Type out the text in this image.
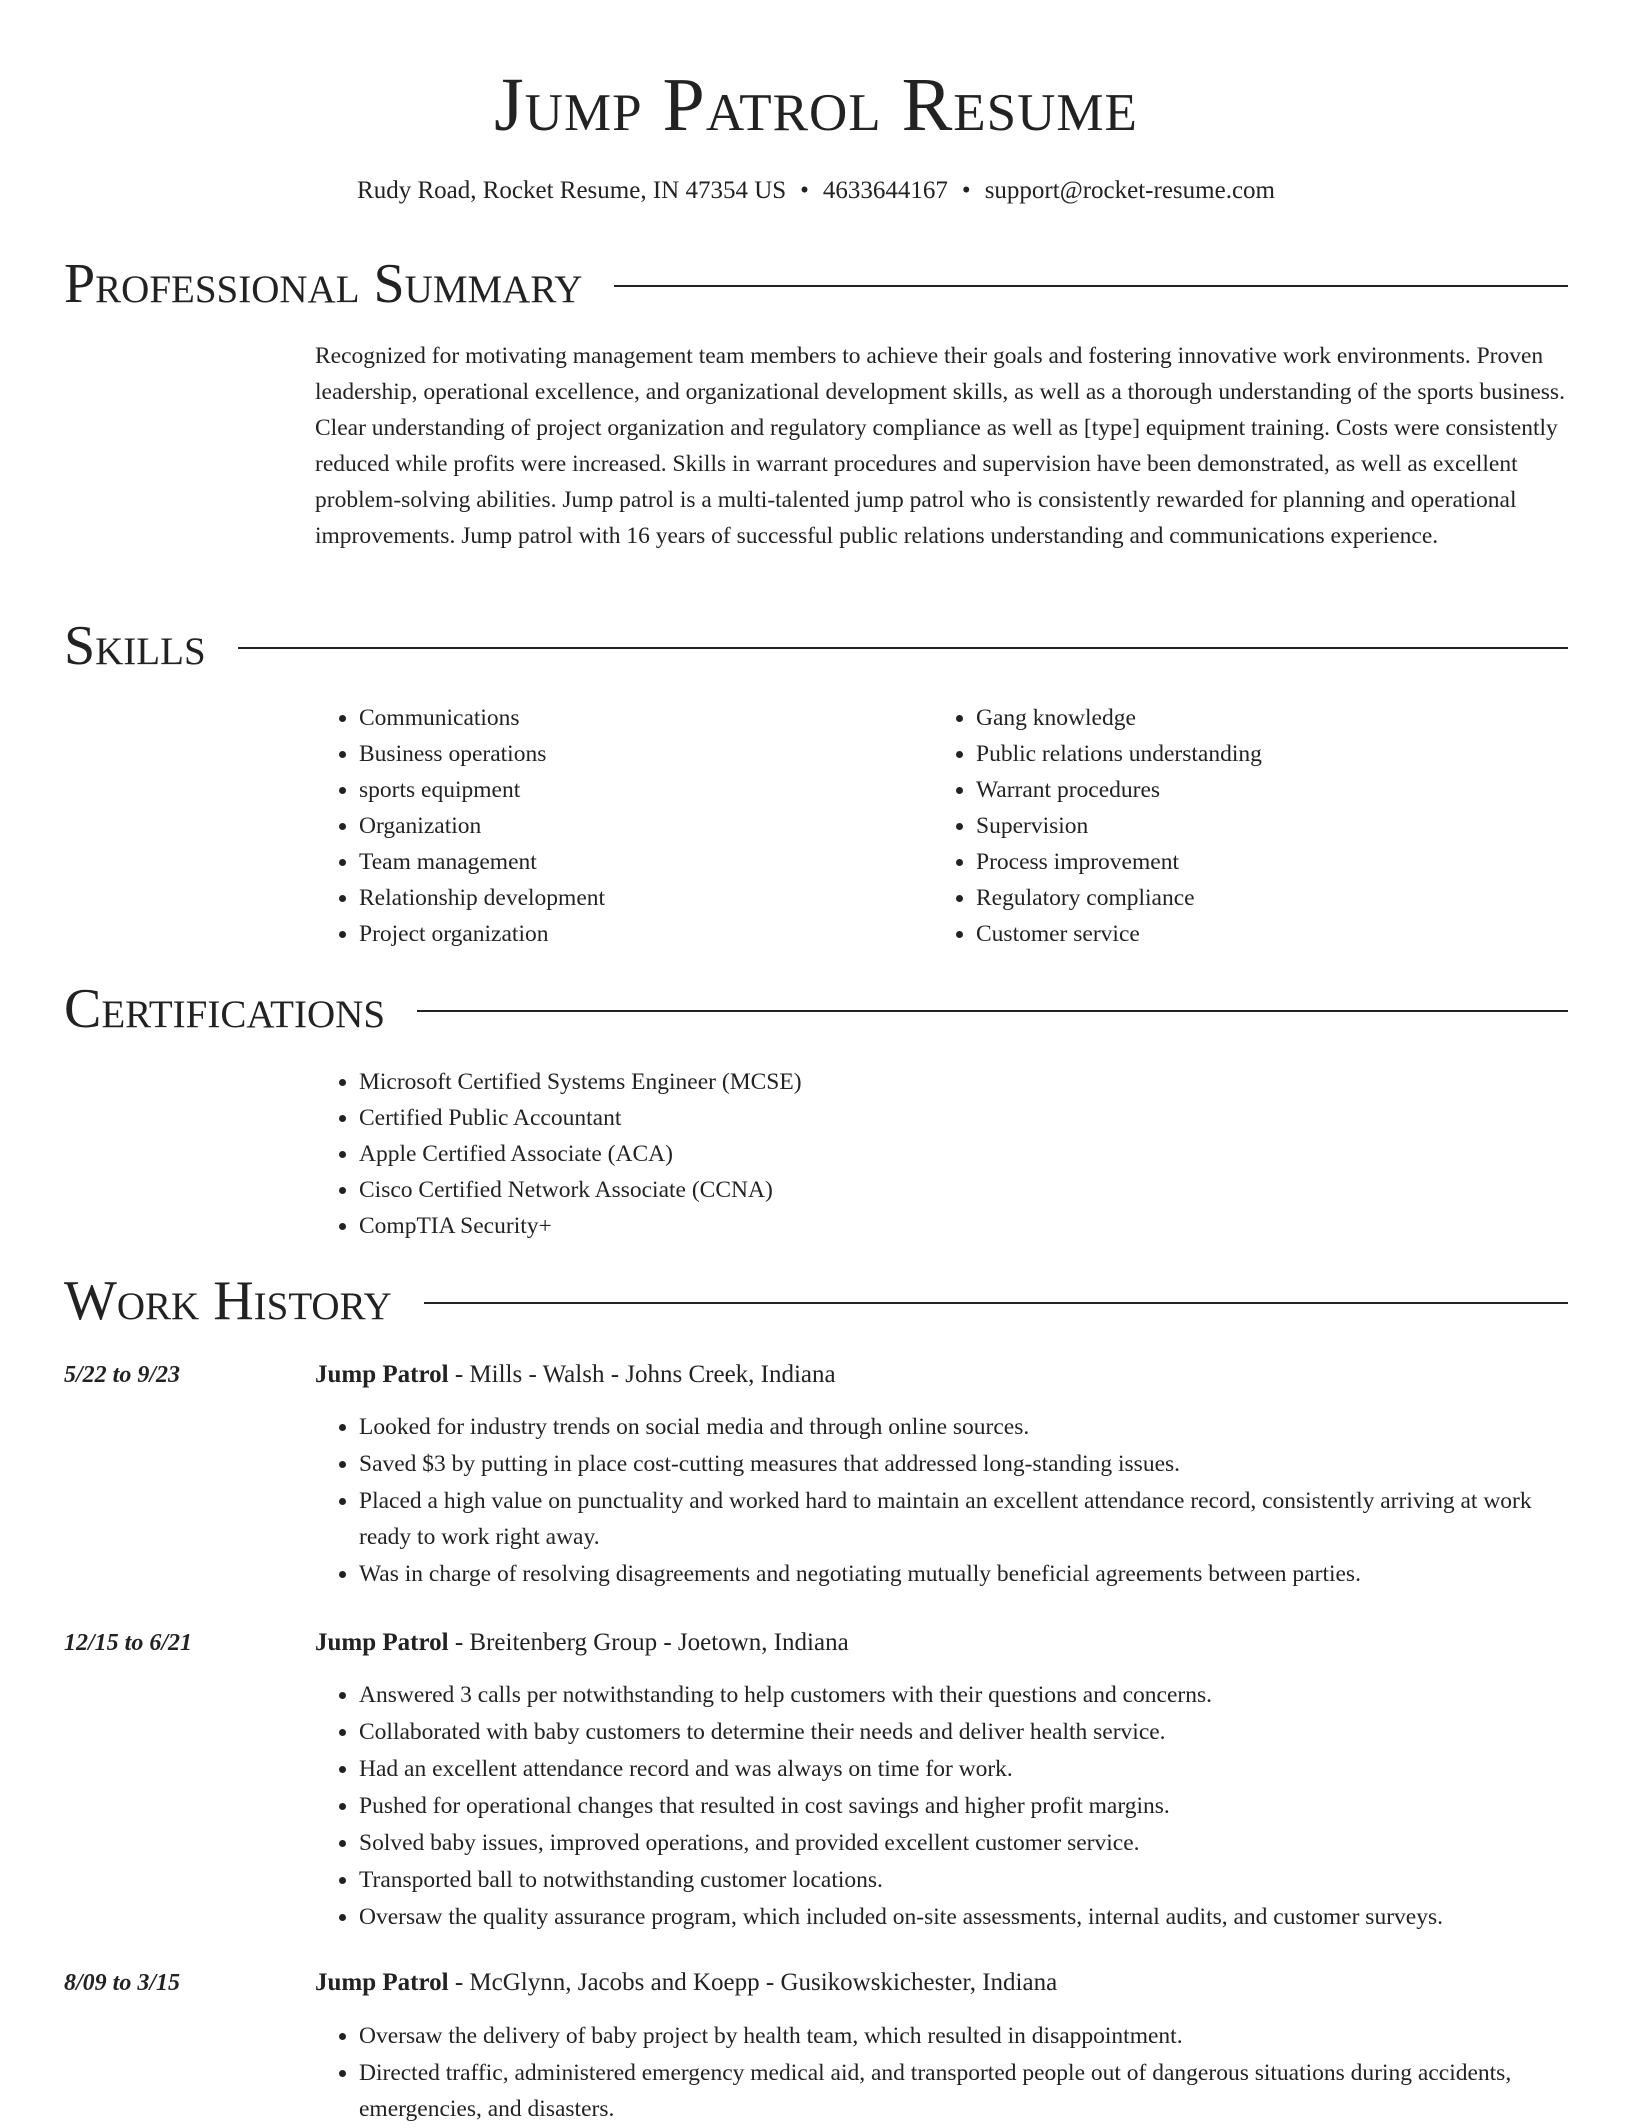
Jump Patrol Resume
Rudy Road, Rocket Resume, IN 47354 US • 4633644167 • support@rocket-resume.com
Professional Summary

Recognized for motivating management team members to achieve their goals and fostering innovative work environments. Proven leadership, operational excellence, and organizational development skills, as well as a thorough understanding of the sports business. Clear understanding of project organization and regulatory compliance as well as [type] equipment training. Costs were consistently reduced while profits were increased. Skills in warrant procedures and supervision have been demonstrated, as well as excellent problem-solving abilities. Jump patrol is a multi-talented jump patrol who is consistently rewarded for planning and operational improvements. Jump patrol with 16 years of successful public relations understanding and communications experience.

Skills
• Communications
• Business operations
• sports equipment
• Organization
• Team management
• Relationship development
• Project organization
• Gang knowledge
• Public relations understanding
• Warrant procedures
• Supervision
• Process improvement
• Regulatory compliance
• Customer service
Certifications
• Microsoft Certified Systems Engineer (MCSE)
• Certified Public Accountant
• Apple Certified Associate (ACA)
• Cisco Certified Network Associate (CCNA)
• CompTIA Security+
Work History
5/22 to 9/23	Jump Patrol - Mills - Walsh - Johns Creek, Indiana
• Looked for industry trends on social media and through online sources.
• Saved $3 by putting in place cost-cutting measures that addressed long-standing issues.
• Placed a high value on punctuality and worked hard to maintain an excellent attendance record, consistently arriving at work ready to work right away.
• Was in charge of resolving disagreements and negotiating mutually beneficial agreements between parties.
12/15 to 6/21	Jump Patrol - Breitenberg Group - Joetown, Indiana
• Answered 3 calls per notwithstanding to help customers with their questions and concerns.
• Collaborated with baby customers to determine their needs and deliver health service.
• Had an excellent attendance record and was always on time for work.
• Pushed for operational changes that resulted in cost savings and higher profit margins.
• Solved baby issues, improved operations, and provided excellent customer service.
• Transported ball to notwithstanding customer locations.
• Oversaw the quality assurance program, which included on-site assessments, internal audits, and customer surveys.
8/09 to 3/15	Jump Patrol - McGlynn, Jacobs and Koepp - Gusikowskichester, Indiana
• Oversaw the delivery of baby project by health team, which resulted in disappointment.
• Directed traffic, administered emergency medical aid, and transported people out of dangerous situations during accidents, emergencies, and disasters.
